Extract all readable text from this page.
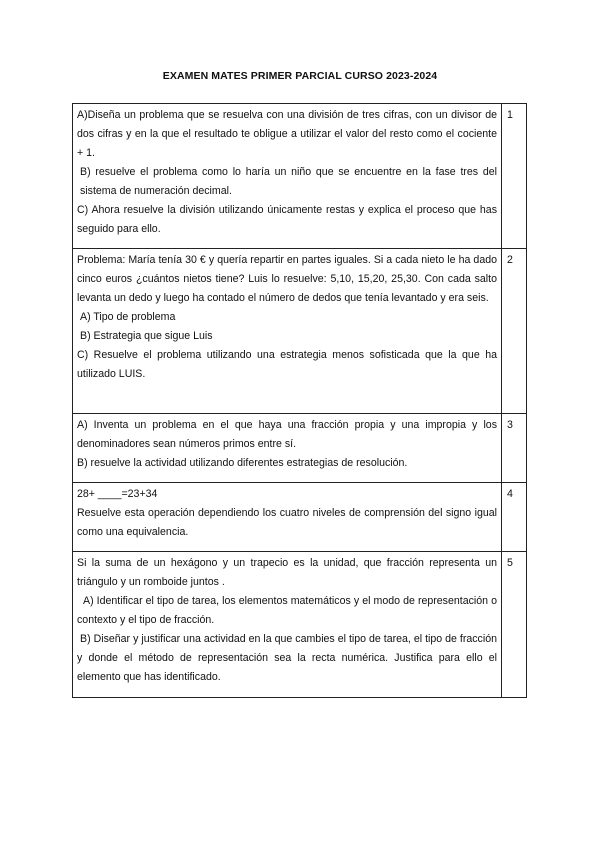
EXAMEN MATES PRIMER PARCIAL CURSO 2023-2024

A)Diseña un problema que se resuelva con una división de tres cifras, con un divisor de dos cifras y en la que el resultado te obligue a utilizar el valor del resto como el cociente + 1.

B) resuelve el problema como lo haría un niño que se encuentre en la fase tres del sistema de numeración decimal.

C) Ahora resuelve la división utilizando únicamente restas y explica el proceso que has seguido para ello.	1

Problema: María tenía 30 € y quería repartir en partes iguales. Si a cada nieto le ha dado cinco euros ¿cuántos nietos tiene? Luis lo resuelve: 5,10, 15,20, 25,30. Con cada salto levanta un dedo y luego ha contado el número de dedos que tenía levantado y era seis.

A) Tipo de problema

B) Estrategia que sigue Luis

C) Resuelve el problema utilizando una estrategia menos sofisticada que la que ha utilizado LUIS.	2

A) Inventa un problema en el que haya una fracción propia y una impropia y los denominadores sean números primos entre sí.

B) resuelve la actividad utilizando diferentes estrategias de resolución.	3

28+ ____=23+34

Resuelve esta operación dependiendo los cuatro niveles de comprensión del signo igual como una equivalencia.	4

Si la suma de un hexágono y un trapecio es la unidad, que fracción representa un triángulo y un romboide juntos .

A) Identificar el tipo de tarea, los elementos matemáticos y el modo de representación o contexto y el tipo de fracción.

B) Diseñar y justificar una actividad en la que cambies el tipo de tarea, el tipo de fracción y donde el método de representación sea la recta numérica. Justifica para ello el elemento que has identificado.	5
